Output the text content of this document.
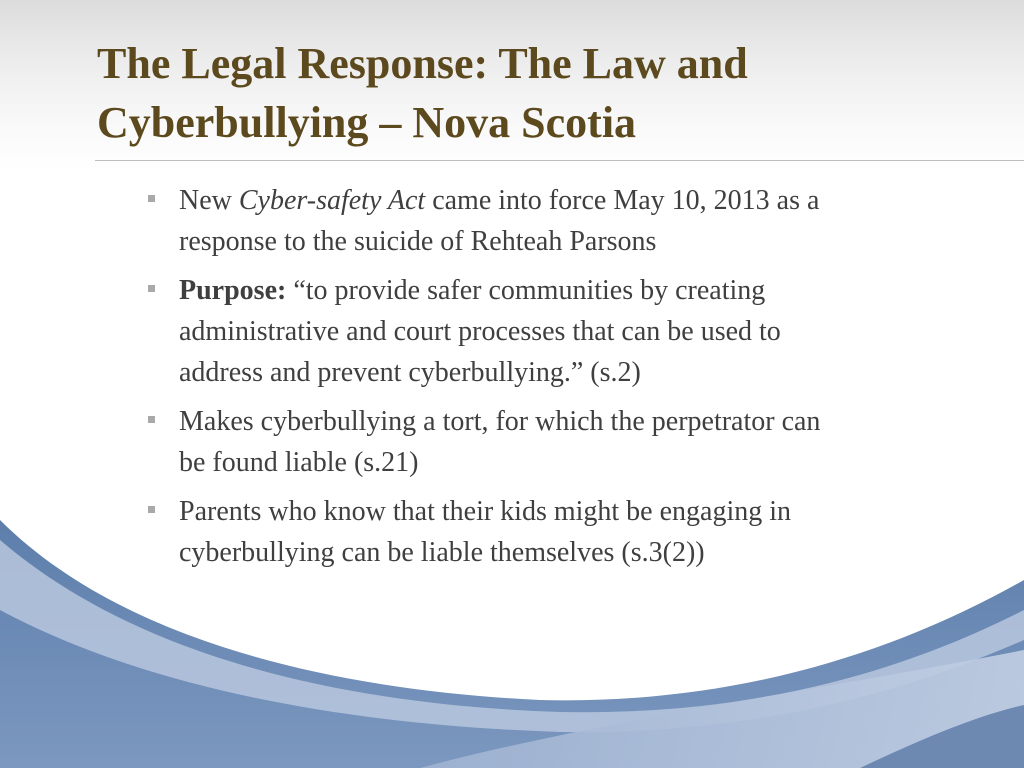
The Legal Response: The Law and
Cyberbullying – Nova Scotia
New Cyber-safety Act came into force May 10, 2013 as a
response to the suicide of Rehteah Parsons
Purpose: “to provide safer communities by creating
administrative and court processes that can be used to
address and prevent cyberbullying.” (s.2)
Makes cyberbullying a tort, for which the perpetrator can
be found liable (s.21)
Parents who know that their kids might be engaging in
cyberbullying can be liable themselves (s.3(2))
